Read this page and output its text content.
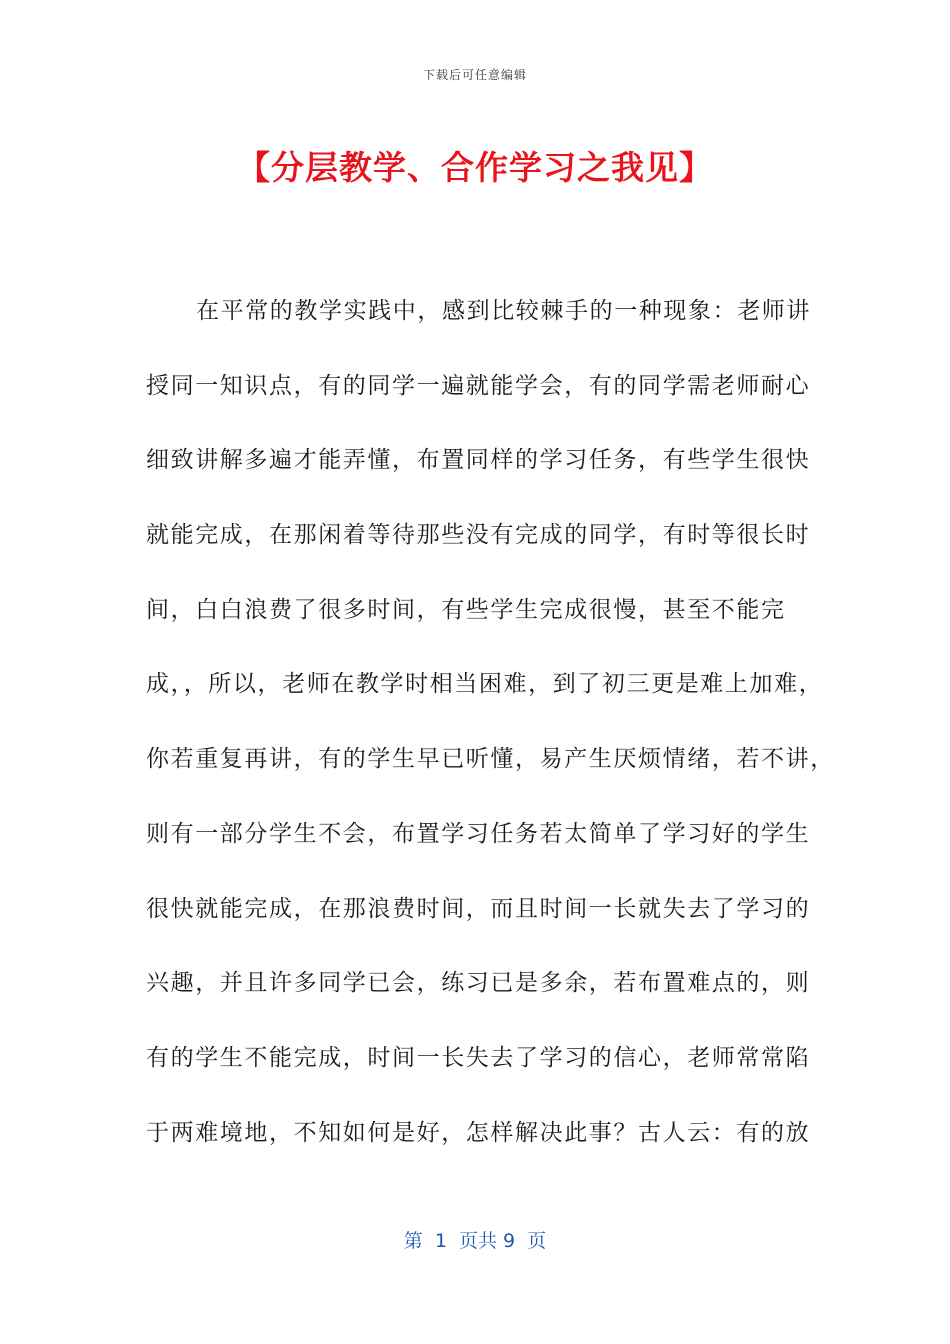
下载后可任意编辑
【分层教学、合作学习之我见】
在平常的教学实践中，感到比较棘手的一种现象：老师讲
授同一知识点，有的同学一遍就能学会，有的同学需老师耐心
细致讲解多遍才能弄懂，布置同样的学习任务，有些学生很快
就能完成，在那闲着等待那些没有完成的同学，有时等很长时
间，白白浪费了很多时间，有些学生完成很慢，甚至不能完
成，，所以，老师在教学时相当困难，到了初三更是难上加难，
你若重复再讲，有的学生早已听懂，易产生厌烦情绪，若不讲，
则有一部分学生不会，布置学习任务若太简单了学习好的学生
很快就能完成，在那浪费时间，而且时间一长就失去了学习的
兴趣，并且许多同学已会，练习已是多余，若布置难点的，则
有的学生不能完成，时间一长失去了学习的信心，老师常常陷
于两难境地，不知如何是好，怎样解决此事？古人云：有的放
第  1  页共 9  页
